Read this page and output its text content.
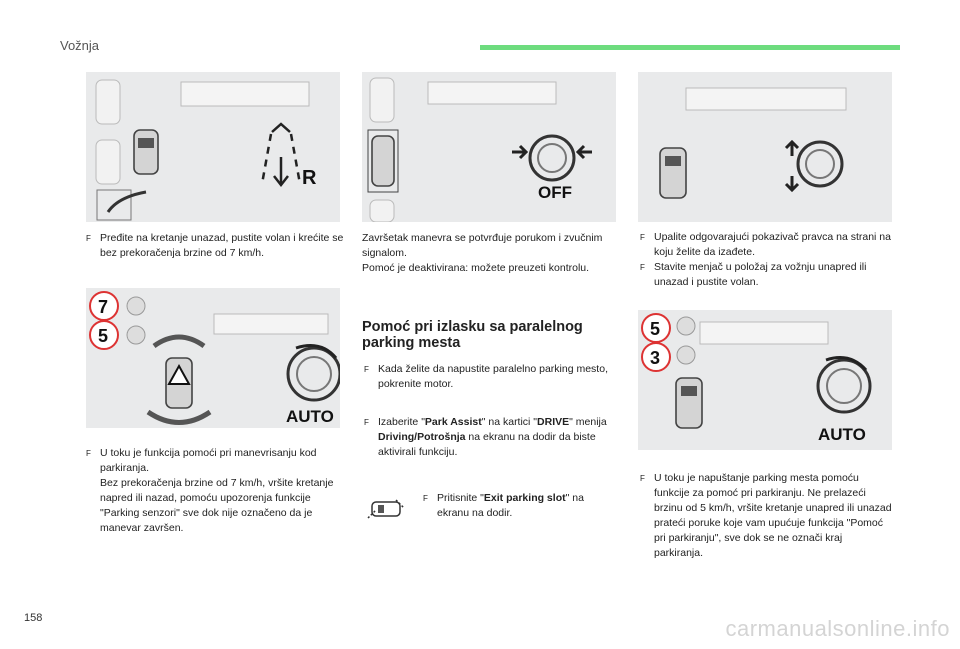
Vožnja
R
F Pređite na kretanje unazad, pustite volan i krećite se bez prekoračenja brzine od 7 km/h.
7
5
AUTO
F U toku je funkcija pomoći pri manevrisanju kod parkiranja.
Bez prekoračenja brzine od 7 km/h, vršite kretanje napred ili nazad, pomoću upozorenja funkcije "Parking senzori" sve dok nije označeno da je manevar završen.
OFF
Završetak manevra se potvrđuje porukom i zvučnim signalom.
Pomoć je deaktivirana: možete preuzeti kontrolu.
Pomoć pri izlasku sa paralelnog parking mesta
F Kada želite da napustite paralelno parking mesto, pokrenite motor.
F Izaberite "Park Assist" na kartici "DRIVE" menija Driving/Potrošnja na ekranu na dodir da biste aktivirali funkciju.
F Pritisnite "Exit parking slot" na ekranu na dodir.
F Upalite odgovarajući pokazivač pravca na strani na koju želite da izađete.
F Stavite menjač u položaj za vožnju unapred ili unazad i pustite volan.
5
3
AUTO
F U toku je napuštanje parking mesta pomoću funkcije za pomoć pri parkiranju. Ne prelazeći brzinu od 5 km/h, vršite kretanje unapred ili unazad prateći poruke koje vam upućuje funkcija "Pomoć pri parkiranju", sve dok se ne označi kraj parkiranja.
158	carmanualsonline.info
